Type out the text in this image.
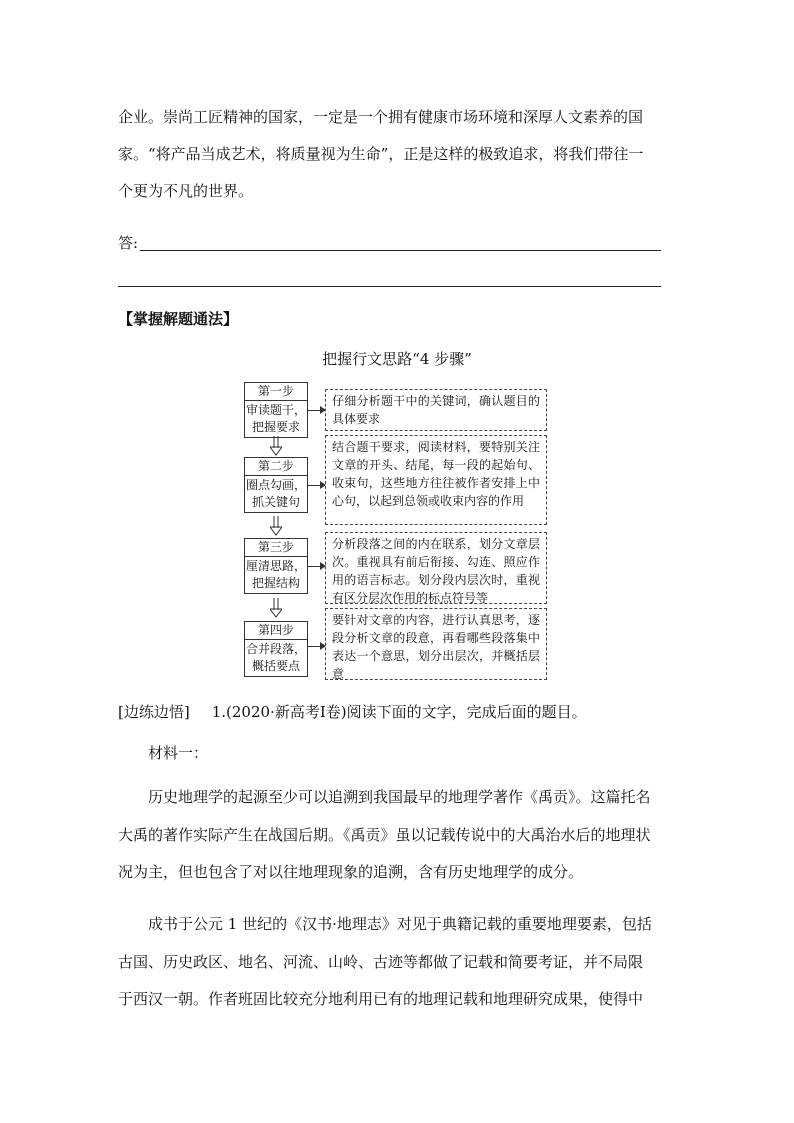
企业。崇尚工匠精神的国家，一定是一个拥有健康市场环境和深厚人文素养的国
家。“将产品当成艺术，将质量视为生命”，正是这样的极致追求，将我们带往一
个更为不凡的世界。
答:
【掌握解题通法】
把握行文思路“4 步骤”
第一步
审读题干，
把握要求
仔细分析题干中的关键词，确认题目的具体要求
第二步
圈点勾画，
抓关键句
结合题干要求，阅读材料，要特别关注文章的开头、结尾，每一段的起始句、收束句，这些地方往往被作者安排上中心句，以起到总领或收束内容的作用
第三步
厘清思路，
把握结构
分析段落之间的内在联系，划分文章层次。重视具有前后衔接、勾连、照应作用的语言标志。划分段内层次时，重视有区分层次作用的标点符号等
第四步
合并段落，
概括要点
要针对文章的内容，进行认真思考，逐段分析文章的段意，再看哪些段落集中表达一个意思，划分出层次，并概括层意
[边练边悟] 1.(2020·新高考Ⅰ卷)阅读下面的文字，完成后面的题目。
材料一：
历史地理学的起源至少可以追溯到我国最早的地理学著作《禹贡》。这篇托名
大禹的著作实际产生在战国后期。《禹贡》虽以记载传说中的大禹治水后的地理状
况为主，但也包含了对以往地理现象的追溯，含有历史地理学的成分。
成书于公元 1 世纪的《汉书·地理志》对见于典籍记载的重要地理要素，包括
古国、历史政区、地名、河流、山岭、古迹等都做了记载和简要考证，并不局限
于西汉一朝。作者班固比较充分地利用已有的地理记载和地理研究成果，使得中
